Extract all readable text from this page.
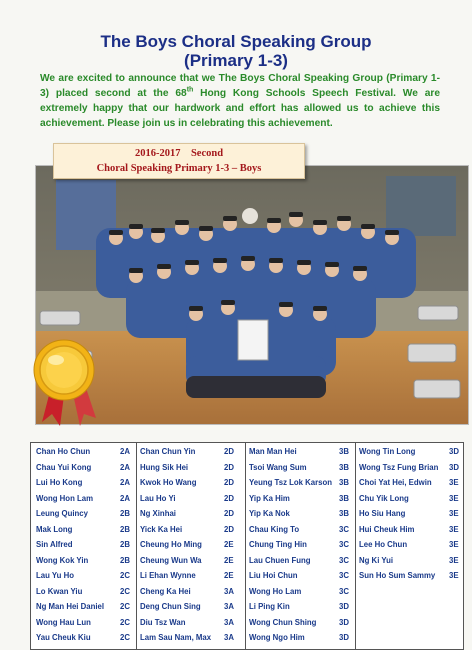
The Boys Choral Speaking Group
(Primary 1-3)
We are excited to announce that we The Boys Choral Speaking Group (Primary 1-3) placed second at the 68th Hong Kong Schools Speech Festival. We are extremely happy that our hardwork and effort has allowed us to achieve this achievement. Please join us in celebrating this achievement.
2016-2017    Second
Choral Speaking Primary 1-3 – Boys
Chan Ho Chun	2A
Chau Yui Kong	2A
Lui Ho Kong	2A
Wong Hon Lam	2A
Leung Quincy	2B
Mak Long	2B
Sin Alfred	2B
Wong Kok Yin	2B
Lau Yu Ho	2C
Lo Kwan Yiu	2C
Ng Man Hei Daniel 2C
Wong Hau Lun	2C
Yau Cheuk Kiu	2C
Chan Chun Yin	2D
Hung Sik Hei	2D
Kwok Ho Wang	2D
Lau Ho Yi	2D
Ng Xinhai	2D
Yick Ka Hei	2D
Cheung Ho Ming	2E
Cheung Wun Wa	2E
Li Ehan Wynne	2E
Cheng Ka Hei	3A
Deng Chun Sing	3A
Diu Tsz Wan	3A
Lam Sau Nam, Max 3A
Man Man Hei	3B
Tsoi Wang Sum	3B
Yeung Tsz Lok Karson 3B
Yip Ka Him	3B
Yip Ka Nok	3B
Chau King To	3C
Chung Ting Hin	3C
Lau Chuen Fung	3C
Liu Hoi Chun	3C
Wong Ho Lam	3C
Li Ping Kin	3D
Wong Chun Shing	3D
Wong Ngo Him	3D
Wong Tin Long	3D
Wong Tsz Fung Brian 3D
Choi Yat Hei, Edwin 3E
Chu Yik Long	3E
Ho Siu Hang	3E
Hui Cheuk Him	3E
Lee Ho Chun	3E
Ng Ki Yui	3E
Sun Ho Sum Sammy 3E
